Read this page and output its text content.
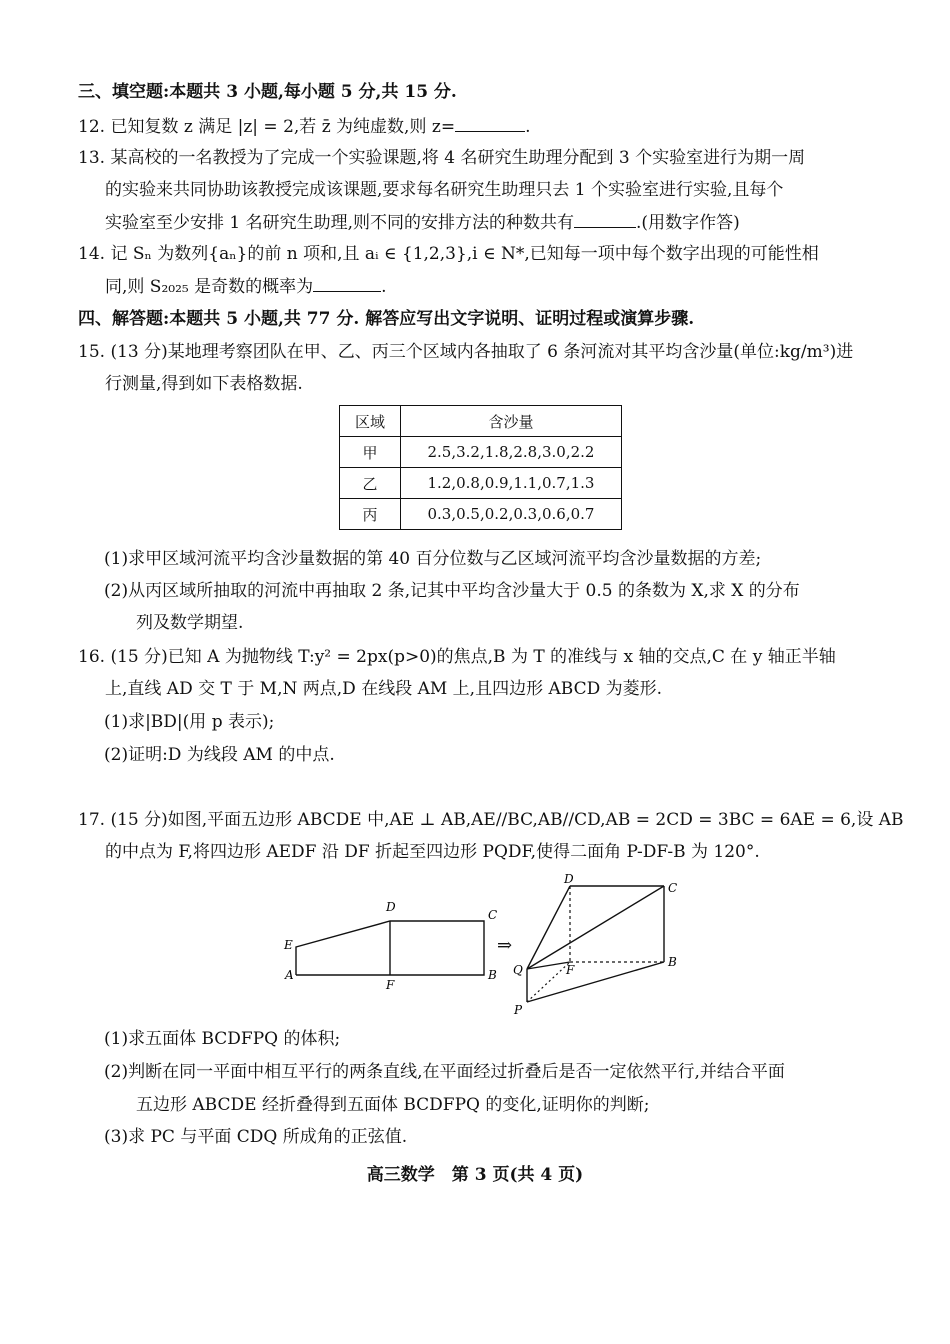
三、填空题:本题共 3 小题,每小题 5 分,共 15 分.
12. 已知复数 z 满足 |z| = 2,若 z̄ 为纯虚数,则 z=	.
13. 某高校的一名教授为了完成一个实验课题,将 4 名研究生助理分配到 3 个实验室进行为期一周
的实验来共同协助该教授完成该课题,要求每名研究生助理只去 1 个实验室进行实验,且每个
实验室至少安排 1 名研究生助理,则不同的安排方法的种数共有	.(用数字作答)
14. 记 Sₙ 为数列{aₙ}的前 n 项和,且 aᵢ ∈ {1,2,3},i ∈ N*,已知每一项中每个数字出现的可能性相
同,则 S₂₀₂₅ 是奇数的概率为	.
四、解答题:本题共 5 小题,共 77 分. 解答应写出文字说明、证明过程或演算步骤.
15. (13 分)某地理考察团队在甲、乙、丙三个区域内各抽取了 6 条河流对其平均含沙量(单位:kg/m³)进
行测量,得到如下表格数据.
区域	含沙量
甲	2.5,3.2,1.8,2.8,3.0,2.2
乙	1.2,0.8,0.9,1.1,0.7,1.3
丙	0.3,0.5,0.2,0.3,0.6,0.7
(1)求甲区域河流平均含沙量数据的第 40 百分位数与乙区域河流平均含沙量数据的方差;
(2)从丙区域所抽取的河流中再抽取 2 条,记其中平均含沙量大于 0.5 的条数为 X,求 X 的分布
列及数学期望.
16. (15 分)已知 A 为抛物线 T:y² = 2px(p>0)的焦点,B 为 T 的准线与 x 轴的交点,C 在 y 轴正半轴
上,直线 AD 交 T 于 M,N 两点,D 在线段 AM 上,且四边形 ABCD 为菱形.
(1)求|BD|(用 p 表示);
(2)证明:D 为线段 AM 的中点.
17. (15 分)如图,平面五边形 ABCDE 中,AE ⊥ AB,AE//BC,AB//CD,AB = 2CD = 3BC = 6AE = 6,设 AB
的中点为 F,将四边形 AEDF 沿 DF 折起至四边形 PQDF,使得二面角 P-DF-B 为 120°.
A	B
C
D
E
F
⇒
D
C
Q	F
B
P
(1)求五面体 BCDFPQ 的体积;
(2)判断在同一平面中相互平行的两条直线,在平面经过折叠后是否一定依然平行,并结合平面
五边形 ABCDE 经折叠得到五面体 BCDFPQ 的变化,证明你的判断;
(3)求 PC 与平面 CDQ 所成角的正弦值.
高三数学　第 3 页(共 4 页)
